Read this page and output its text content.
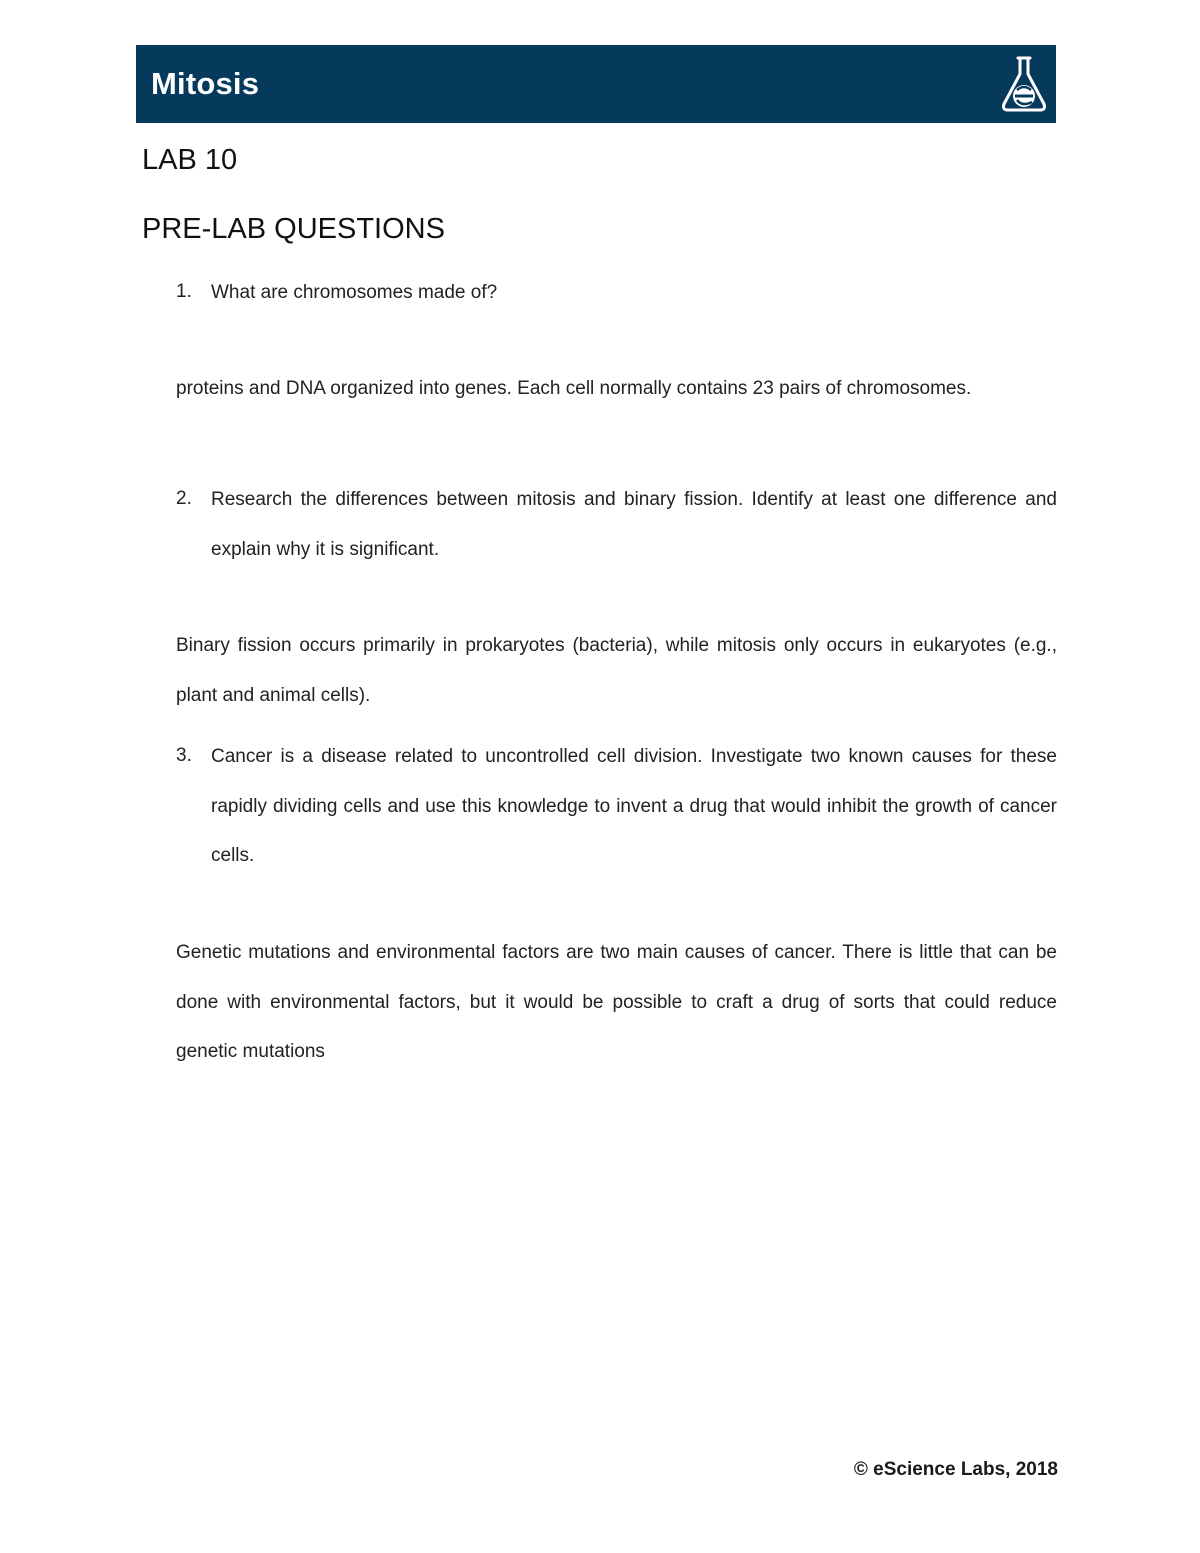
Mitosis
LAB 10
PRE-LAB QUESTIONS
1. What are chromosomes made of?
proteins and DNA organized into genes. Each cell normally contains 23 pairs of chromosomes.
2. Research the differences between mitosis and binary fission. Identify at least one difference and explain why it is significant.
Binary fission occurs primarily in prokaryotes (bacteria), while mitosis only occurs in eukaryotes (e.g., plant and animal cells).
3. Cancer is a disease related to uncontrolled cell division. Investigate two known causes for these rapidly dividing cells and use this knowledge to invent a drug that would inhibit the growth of cancer cells.
Genetic mutations and environmental factors are two main causes of cancer. There is little that can be done with environmental factors, but it would be possible to craft a drug of sorts that could reduce genetic mutations
© eScience Labs, 2018
